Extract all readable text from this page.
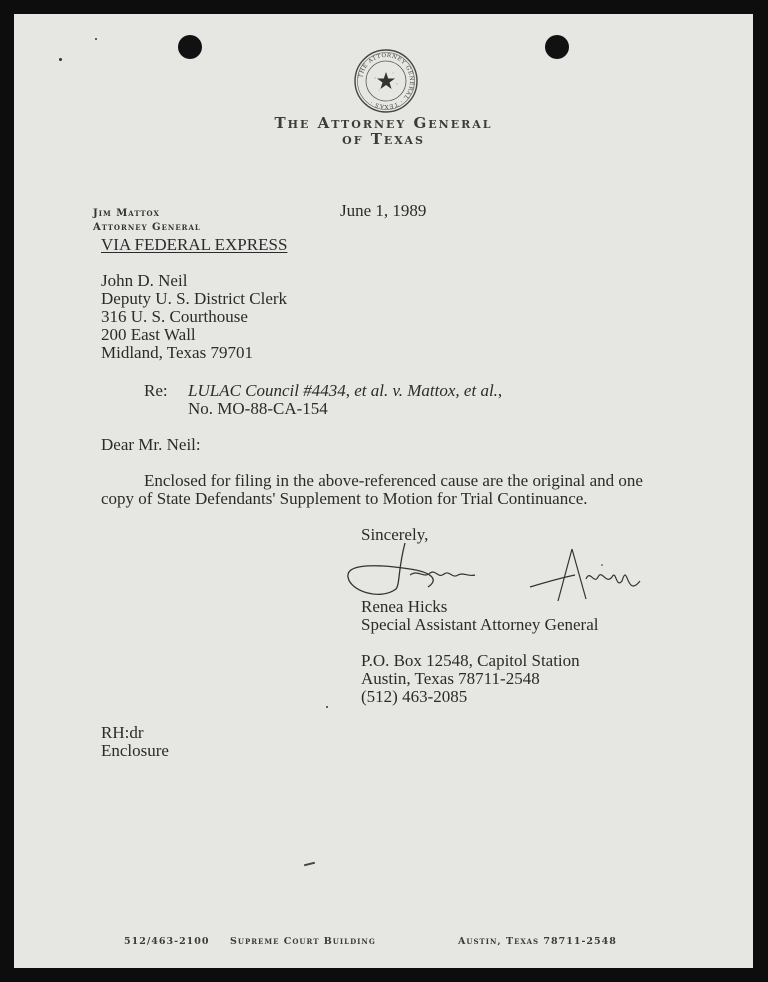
THE ATTORNEY GENERAL · TEXAS ·
The Attorney General
of Texas
Jim Mattox
Attorney General
June 1, 1989
VIA FEDERAL EXPRESS
John D. Neil
Deputy U. S. District Clerk
316 U. S. Courthouse
200 East Wall
Midland, Texas 79701
Re: LULAC Council #4434, et al. v. Mattox, et al.,
No. MO-88-CA-154
Dear Mr. Neil:
Enclosed for filing in the above-referenced cause are the original and one
copy of State Defendants' Supplement to Motion for Trial Continuance.
Sincerely,
Renea Hicks
Special Assistant Attorney General
P.O. Box 12548, Capitol Station
Austin, Texas 78711-2548
(512) 463-2085
RH:dr
Enclosure
512/463-2100 Supreme Court Building	Austin, Texas 78711-2548
